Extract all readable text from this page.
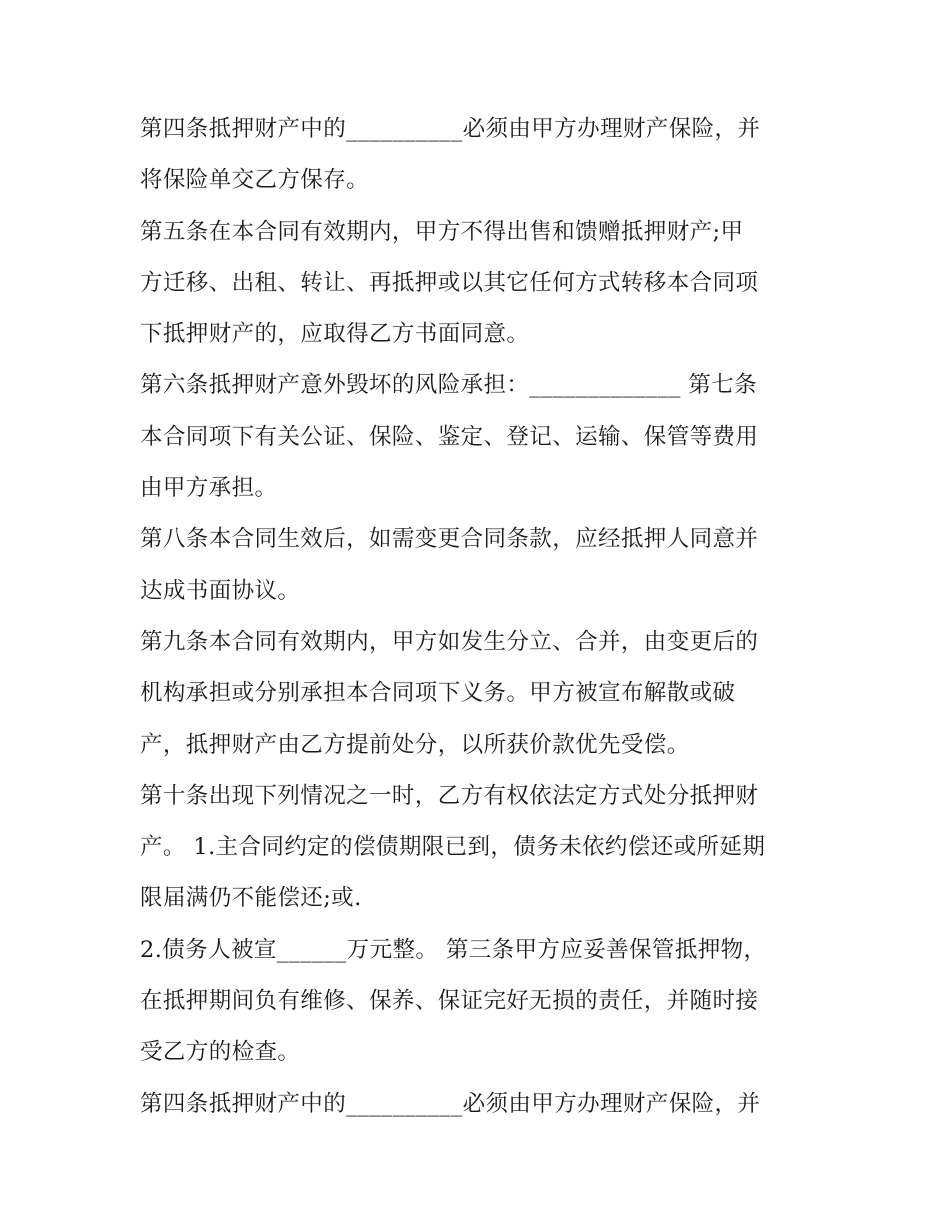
第四条抵押财产中的__________必须由甲方办理财产保险，并
将保险单交乙方保存。
第五条在本合同有效期内，甲方不得出售和馈赠抵押财产;甲
方迁移、出租、转让、再抵押或以其它任何方式转移本合同项
下抵押财产的，应取得乙方书面同意。
第六条抵押财产意外毁坏的风险承担：_____________ 第七条
本合同项下有关公证、保险、鉴定、登记、运输、保管等费用
由甲方承担。
第八条本合同生效后，如需变更合同条款，应经抵押人同意并
达成书面协议。
第九条本合同有效期内，甲方如发生分立、合并，由变更后的
机构承担或分别承担本合同项下义务。甲方被宣布解散或破
产，抵押财产由乙方提前处分，以所获价款优先受偿。
第十条出现下列情况之一时，乙方有权依法定方式处分抵押财
产。 1.主合同约定的偿债期限已到，债务未依约偿还或所延期
限届满仍不能偿还;或.
2.债务人被宣______万元整。 第三条甲方应妥善保管抵押物，
在抵押期间负有维修、保养、保证完好无损的责任，并随时接
受乙方的检查。
第四条抵押财产中的__________必须由甲方办理财产保险，并
